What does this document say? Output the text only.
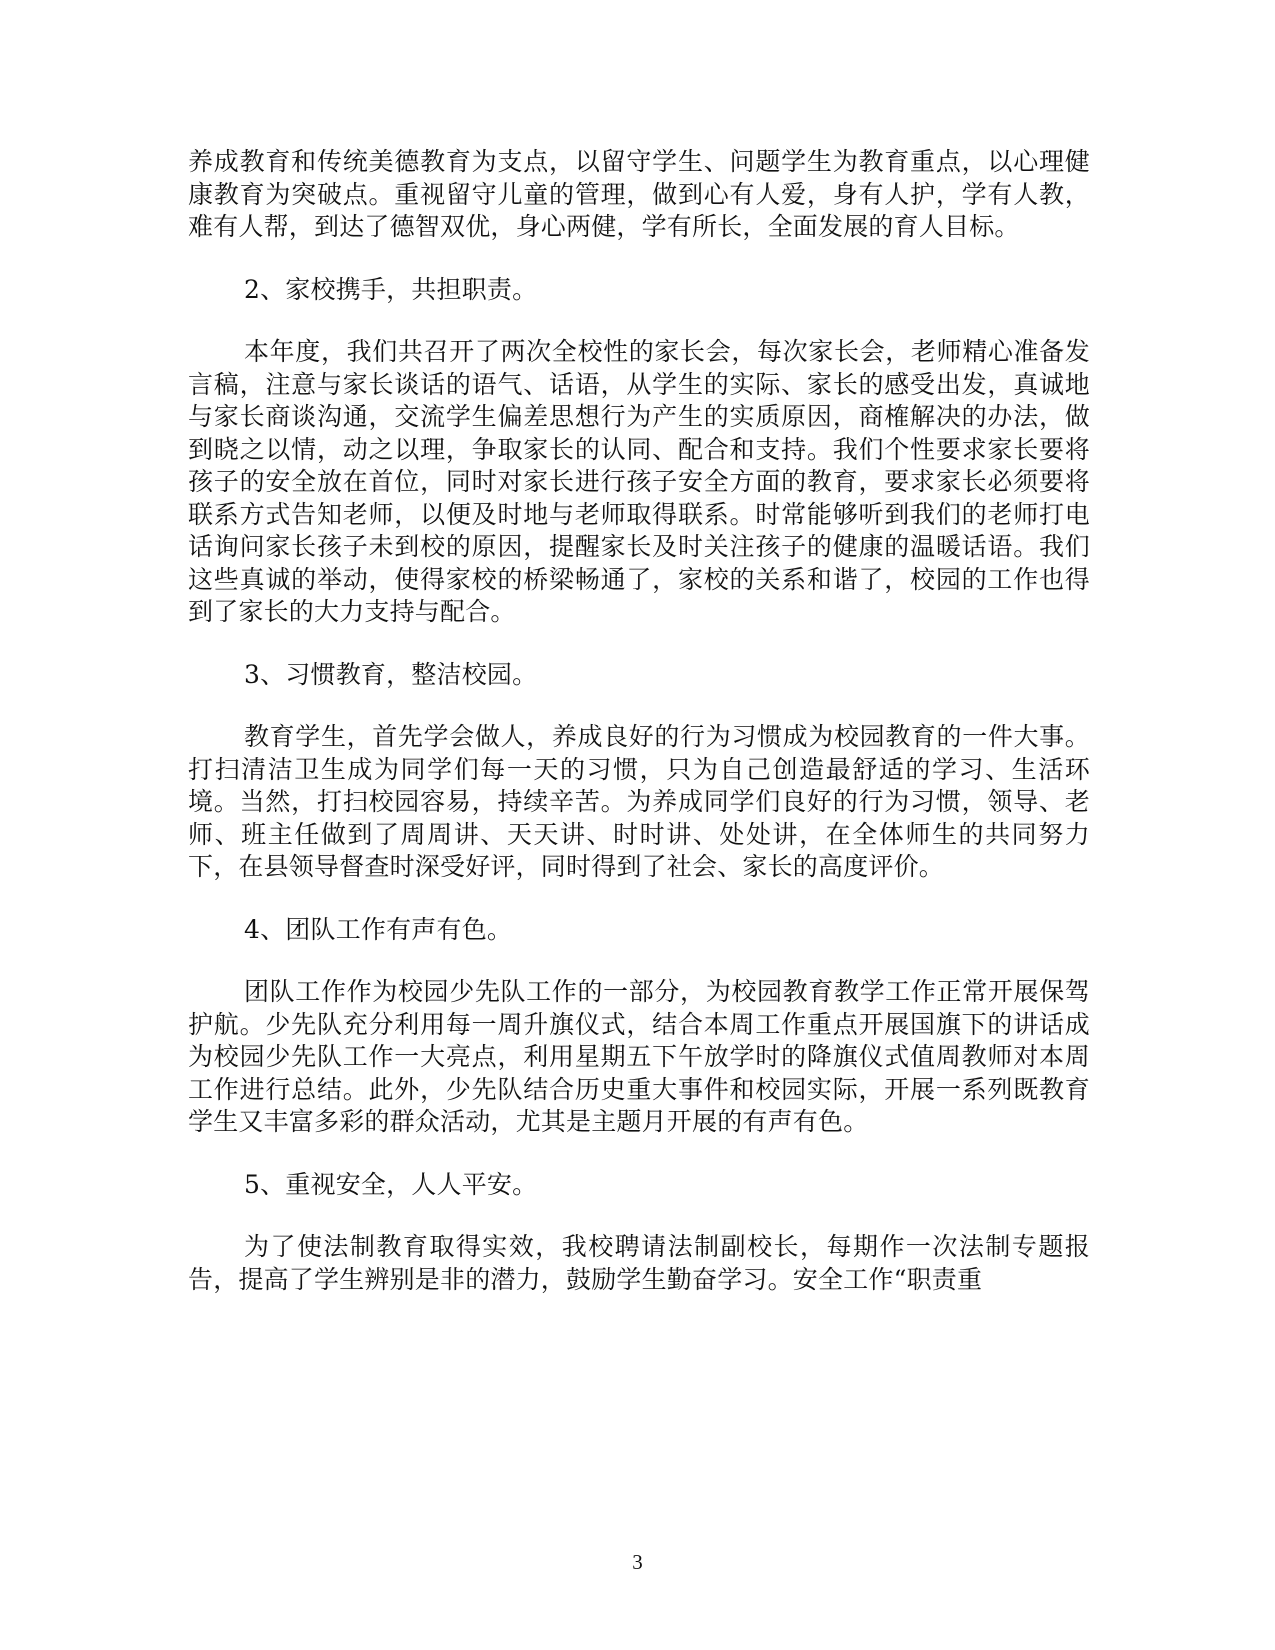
养成教育和传统美德教育为支点，以留守学生、问题学生为教育重点，以心理健康教育为突破点。重视留守儿童的管理，做到心有人爱，身有人护，学有人教，难有人帮，到达了德智双优，身心两健，学有所长，全面发展的育人目标。

2、家校携手，共担职责。

本年度，我们共召开了两次全校性的家长会，每次家长会，老师精心准备发言稿，注意与家长谈话的语气、话语，从学生的实际、家长的感受出发，真诚地与家长商谈沟通，交流学生偏差思想行为产生的实质原因，商榷解决的办法，做到晓之以情，动之以理，争取家长的认同、配合和支持。我们个性要求家长要将孩子的安全放在首位，同时对家长进行孩子安全方面的教育，要求家长必须要将联系方式告知老师，以便及时地与老师取得联系。时常能够听到我们的老师打电话询问家长孩子未到校的原因，提醒家长及时关注孩子的健康的温暖话语。我们这些真诚的举动，使得家校的桥梁畅通了，家校的关系和谐了，校园的工作也得到了家长的大力支持与配合。

3、习惯教育，整洁校园。

教育学生，首先学会做人，养成良好的行为习惯成为校园教育的一件大事。打扫清洁卫生成为同学们每一天的习惯，只为自己创造最舒适的学习、生活环境。当然，打扫校园容易，持续辛苦。为养成同学们良好的行为习惯，领导、老师、班主任做到了周周讲、天天讲、时时讲、处处讲，在全体师生的共同努力下，在县领导督查时深受好评，同时得到了社会、家长的高度评价。

4、团队工作有声有色。

团队工作作为校园少先队工作的一部分，为校园教育教学工作正常开展保驾护航。少先队充分利用每一周升旗仪式，结合本周工作重点开展国旗下的讲话成为校园少先队工作一大亮点，利用星期五下午放学时的降旗仪式值周教师对本周工作进行总结。此外，少先队结合历史重大事件和校园实际，开展一系列既教育学生又丰富多彩的群众活动，尤其是主题月开展的有声有色。

5、重视安全，人人平安。

为了使法制教育取得实效，我校聘请法制副校长，每期作一次法制专题报告，提高了学生辨别是非的潜力，鼓励学生勤奋学习。安全工作“职责重

3
